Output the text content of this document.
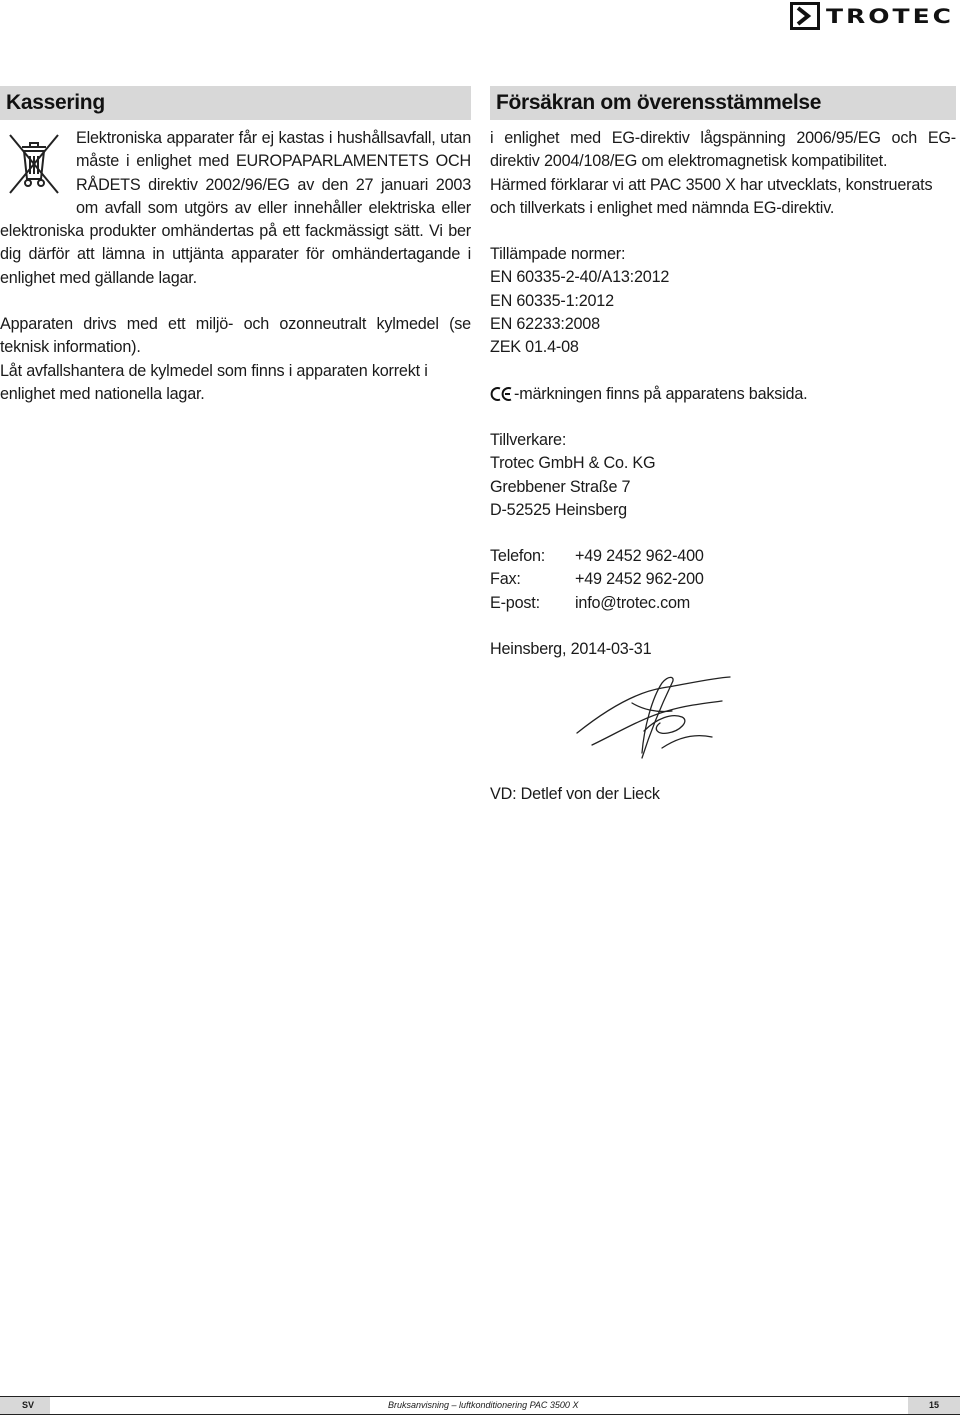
TROTEC
Kassering

Elektroniska apparater får ej kastas i hushållsavfall, utan måste i enlighet med EUROPAPARLAMENTETS OCH RÅDETS direktiv 2002/96/EG av den 27 januari 2003 om avfall som utgörs av eller innehåller elektriska eller elektroniska produkter omhändertas på ett fackmässigt sätt. Vi ber dig därför att lämna in uttjänta apparater för omhändertagande i enlighet med gällande lagar.

Apparaten drivs med ett miljö- och ozonneutralt kylmedel (se teknisk information).

Låt avfallshantera de kylmedel som finns i apparaten korrekt i enlighet med nationella lagar.

Försäkran om överensstämmelse

i enlighet med EG-direktiv lågspänning 2006/95/EG och EG-direktiv 2004/108/EG om elektromagnetisk kompatibilitet.

Härmed förklarar vi att PAC 3500 X har utvecklats, konstruerats och tillverkats i enlighet med nämnda EG-direktiv.

Tillämpade normer:

EN 60335-2-40/A13:2012

EN 60335-1:2012

EN 62233:2008

ZEK 01.4-08

-märkningen finns på apparatens baksida.

Tillverkare:

Trotec GmbH & Co. KG

Grebbener Straße 7

D-52525 Heinsberg

Telefon:	+49 2452 962-400
Fax:	+49 2452 962-200
E-post:	info@trotec.com

Heinsberg, 2014-03-31

VD: Detlef von der Lieck

SV	Bruksanvisning – luftkonditionering PAC 3500 X	15
